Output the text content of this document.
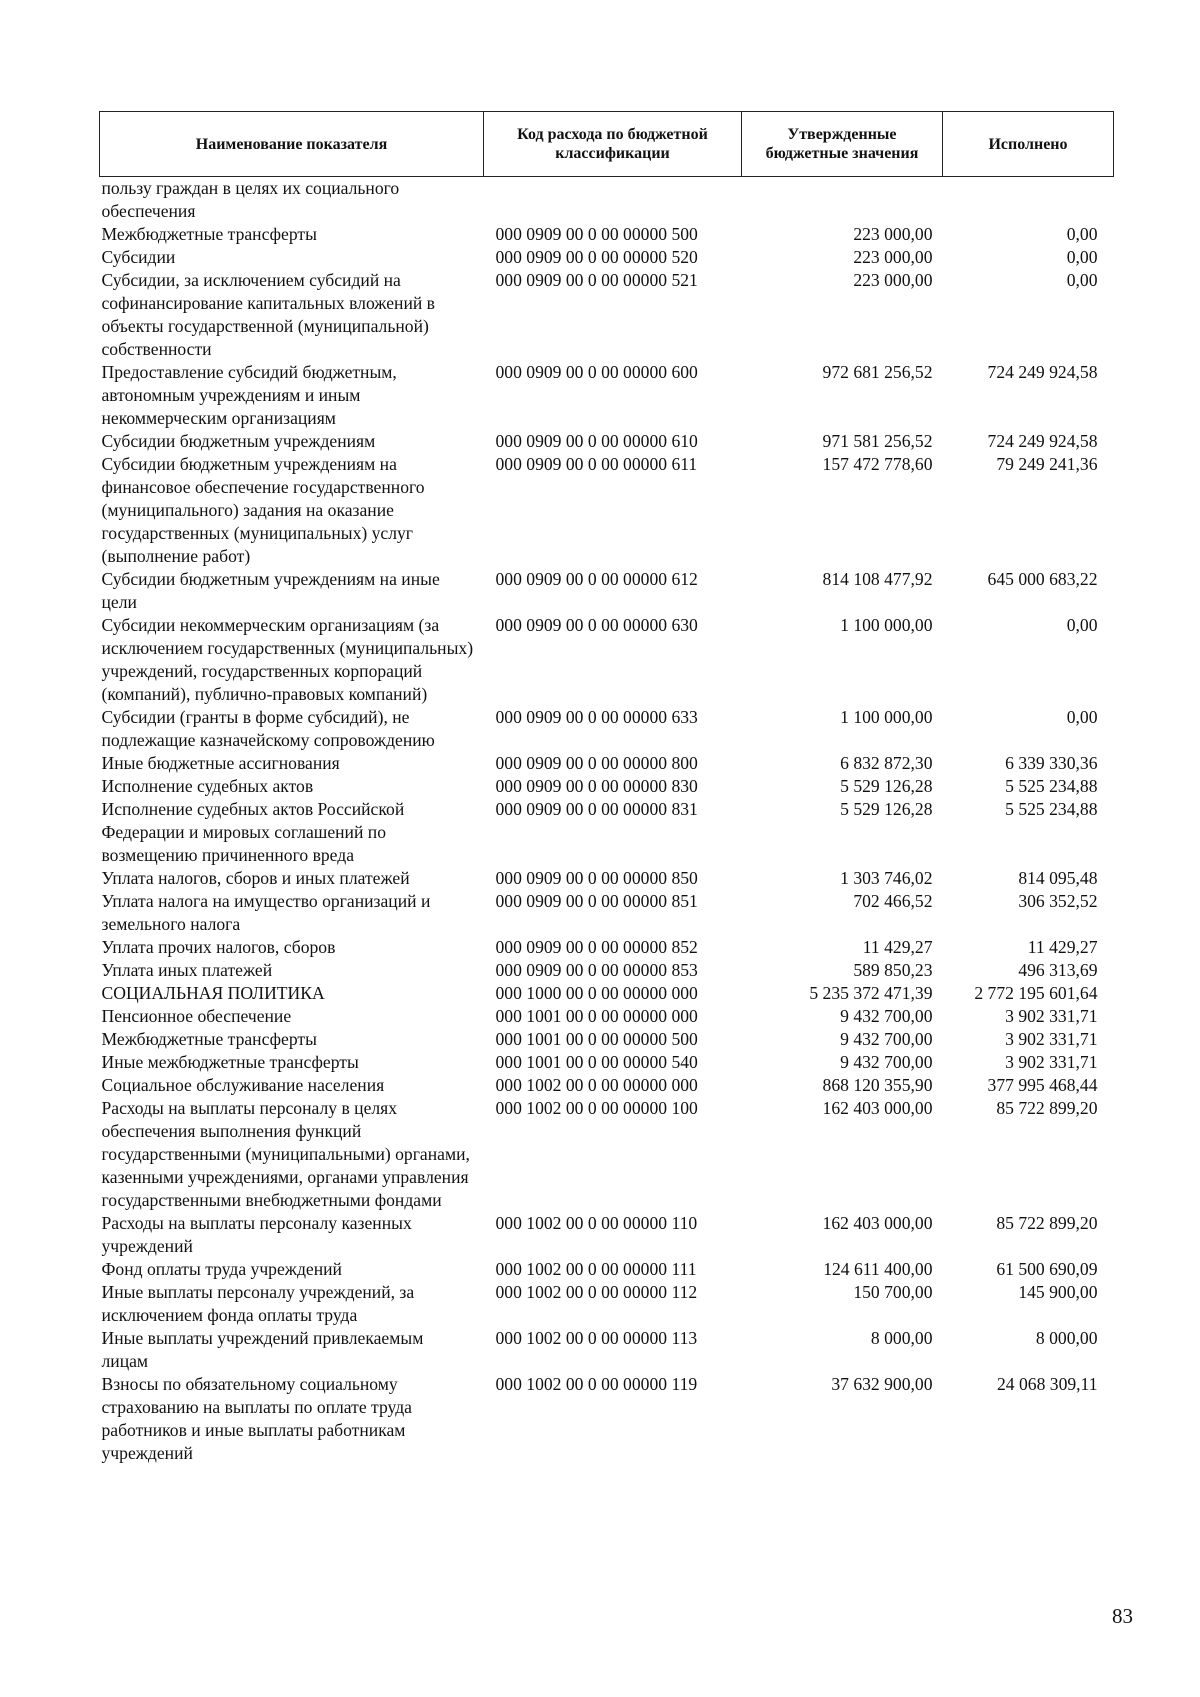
Наименование показателя	Код расхода по бюджетной классификации	Утвержденные бюджетные значения	Исполнено
пользу граждан в целях их социального обеспечения			
Межбюджетные трансферты	000 0909 00 0 00 00000 500	223 000,00	0,00
Субсидии	000 0909 00 0 00 00000 520	223 000,00	0,00
Субсидии, за исключением субсидий на софинансирование капитальных вложений в объекты государственной (муниципальной) собственности	000 0909 00 0 00 00000 521	223 000,00	0,00
Предоставление субсидий бюджетным, автономным учреждениям и иным некоммерческим организациям	000 0909 00 0 00 00000 600	972 681 256,52	724 249 924,58
Субсидии бюджетным учреждениям	000 0909 00 0 00 00000 610	971 581 256,52	724 249 924,58
Субсидии бюджетным учреждениям на финансовое обеспечение государственного (муниципального) задания на оказание государственных (муниципальных) услуг (выполнение работ)	000 0909 00 0 00 00000 611	157 472 778,60	79 249 241,36
Субсидии бюджетным учреждениям на иные цели	000 0909 00 0 00 00000 612	814 108 477,92	645 000 683,22
Субсидии некоммерческим организациям (за исключением государственных (муниципальных) учреждений, государственных корпораций (компаний), публично-правовых компаний)	000 0909 00 0 00 00000 630	1 100 000,00	0,00
Субсидии (гранты в форме субсидий), не подлежащие казначейскому сопровождению	000 0909 00 0 00 00000 633	1 100 000,00	0,00
Иные бюджетные ассигнования	000 0909 00 0 00 00000 800	6 832 872,30	6 339 330,36
Исполнение судебных актов	000 0909 00 0 00 00000 830	5 529 126,28	5 525 234,88
Исполнение судебных актов Российской Федерации и мировых соглашений по возмещению причиненного вреда	000 0909 00 0 00 00000 831	5 529 126,28	5 525 234,88
Уплата налогов, сборов и иных платежей	000 0909 00 0 00 00000 850	1 303 746,02	814 095,48
Уплата налога на имущество организаций и земельного налога	000 0909 00 0 00 00000 851	702 466,52	306 352,52
Уплата прочих налогов, сборов	000 0909 00 0 00 00000 852	11 429,27	11 429,27
Уплата иных платежей	000 0909 00 0 00 00000 853	589 850,23	496 313,69
СОЦИАЛЬНАЯ ПОЛИТИКА	000 1000 00 0 00 00000 000	5 235 372 471,39	2 772 195 601,64
Пенсионное обеспечение	000 1001 00 0 00 00000 000	9 432 700,00	3 902 331,71
Межбюджетные трансферты	000 1001 00 0 00 00000 500	9 432 700,00	3 902 331,71
Иные межбюджетные трансферты	000 1001 00 0 00 00000 540	9 432 700,00	3 902 331,71
Социальное обслуживание населения	000 1002 00 0 00 00000 000	868 120 355,90	377 995 468,44
Расходы на выплаты персоналу в целях обеспечения выполнения функций государственными (муниципальными) органами, казенными учреждениями, органами управления государственными внебюджетными фондами	000 1002 00 0 00 00000 100	162 403 000,00	85 722 899,20
Расходы на выплаты персоналу казенных учреждений	000 1002 00 0 00 00000 110	162 403 000,00	85 722 899,20
Фонд оплаты труда учреждений	000 1002 00 0 00 00000 111	124 611 400,00	61 500 690,09
Иные выплаты персоналу учреждений, за исключением фонда оплаты труда	000 1002 00 0 00 00000 112	150 700,00	145 900,00
Иные выплаты учреждений привлекаемым лицам	000 1002 00 0 00 00000 113	8 000,00	8 000,00
Взносы по обязательному социальному страхованию на выплаты по оплате труда работников и иные выплаты работникам учреждений	000 1002 00 0 00 00000 119	37 632 900,00	24 068 309,11
83
